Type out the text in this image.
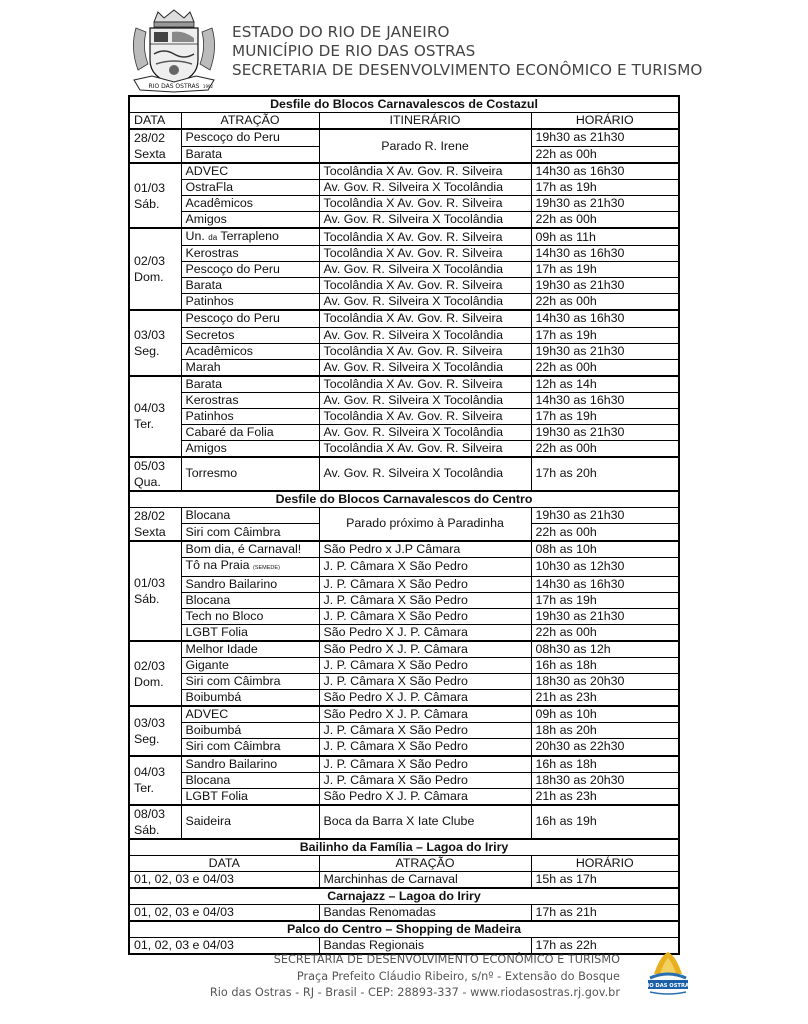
RIO DAS OSTRAS 1992
ESTADO DO RIO DE JANEIRO
MUNICÍPIO DE RIO DAS OSTRAS
SECRETARIA DE DESENVOLVIMENTO ECONÔMICO E TURISMO
Desfile do Blocos Carnavalescos de Costazul			
DATA	ATRAÇÃO	ITINERÁRIO	HORÁRIO

28/02
Sexta	Pescoço do Peru	Parado R. Irene	19h30 as 21h30
	Barata		22h as 00h

01/03
Sáb.	ADVEC	Tocolândia X Av. Gov. R. Silveira	14h30 as 16h30
	OstraFla	Av. Gov. R. Silveira X Tocolândia	17h as 19h
	Acadêmicos	Tocolândia X Av. Gov. R. Silveira	19h30 as 21h30
	Amigos	Av. Gov. R. Silveira X Tocolândia	22h as 00h

02/03
Dom.	Un. da Terrapleno	Tocolândia X Av. Gov. R. Silveira	09h as 11h
	Kerostras	Tocolândia X Av. Gov. R. Silveira	14h30 as 16h30
	Pescoço do Peru	Av. Gov. R. Silveira X Tocolândia	17h as 19h
	Barata	Tocolândia X Av. Gov. R. Silveira	19h30 as 21h30
	Patinhos	Av. Gov. R. Silveira X Tocolândia	22h as 00h

03/03
Seg.	Pescoço do Peru	Tocolândia X Av. Gov. R. Silveira	14h30 as 16h30
	Secretos	Av. Gov. R. Silveira X Tocolândia	17h as 19h
	Acadêmicos	Tocolândia X Av. Gov. R. Silveira	19h30 as 21h30
	Marah	Av. Gov. R. Silveira X Tocolândia	22h as 00h

04/03
Ter.	Barata	Tocolândia X Av. Gov. R. Silveira	12h as 14h
	Kerostras	Av. Gov. R. Silveira X Tocolândia	14h30 as 16h30
	Patinhos	Tocolândia X Av. Gov. R. Silveira	17h as 19h
	Cabaré da Folia	Av. Gov. R. Silveira X Tocolândia	19h30 as 21h30
	Amigos	Tocolândia X Av. Gov. R. Silveira	22h as 00h

05/03
Qua.	Torresmo	Av. Gov. R. Silveira X Tocolândia	17h as 20h
Desfile do Blocos Carnavalescos do Centro			

28/02
Sexta	Blocana	Parado próximo à Paradinha	19h30 as 21h30
	Siri com Câimbra		22h as 00h

01/03
Sáb.	Bom dia, é Carnaval!	São Pedro x J.P Câmara	08h as 10h
	Tô na Praia (SEMEDE)	J. P. Câmara X São Pedro	10h30 as 12h30
	Sandro Bailarino	J. P. Câmara X São Pedro	14h30 as 16h30
	Blocana	J. P. Câmara X São Pedro	17h as 19h
	Tech no Bloco	J. P. Câmara X São Pedro	19h30 as 21h30
	LGBT Folia	São Pedro X J. P. Câmara	22h as 00h

02/03
Dom.	Melhor Idade	São Pedro X J. P. Câmara	08h30 as 12h
	Gigante	J. P. Câmara X São Pedro	16h as 18h
	Siri com Câimbra	J. P. Câmara X São Pedro	18h30 as 20h30
	Boibumbá	São Pedro X J. P. Câmara	21h as 23h

03/03
Seg.	ADVEC	São Pedro X J. P. Câmara	09h as 10h
	Boibumbá	J. P. Câmara X São Pedro	18h as 20h
	Siri com Câimbra	J. P. Câmara X São Pedro	20h30 as 22h30

04/03
Ter.	Sandro Bailarino	J. P. Câmara X São Pedro	16h as 18h
	Blocana	J. P. Câmara X São Pedro	18h30 as 20h30
	LGBT Folia	São Pedro X J. P. Câmara	21h as 23h

08/03
Sáb.	Saideira	Boca da Barra X Iate Clube	16h as 19h
Bailinho da Família – Lagoa do Iriry			
DATA		ATRAÇÃO	HORÁRIO
01, 02, 03 e 04/03		Marchinhas de Carnaval	15h as 17h
Carnajazz – Lagoa do Iriry			
01, 02, 03 e 04/03		Bandas Renomadas	17h as 21h
Palco do Centro – Shopping de Madeira			
01, 02, 03 e 04/03		Bandas Regionais	17h as 22h
SECRETARIA DE DESENVOLVIMENTO ECONÔMICO E TURISMO
Praça Prefeito Cláudio Ribeiro, s/nº - Extensão do Bosque
Rio das Ostras - RJ - Brasil - CEP: 28893-337 - www.riodasostras.rj.gov.br	RIO DAS OSTRAS
